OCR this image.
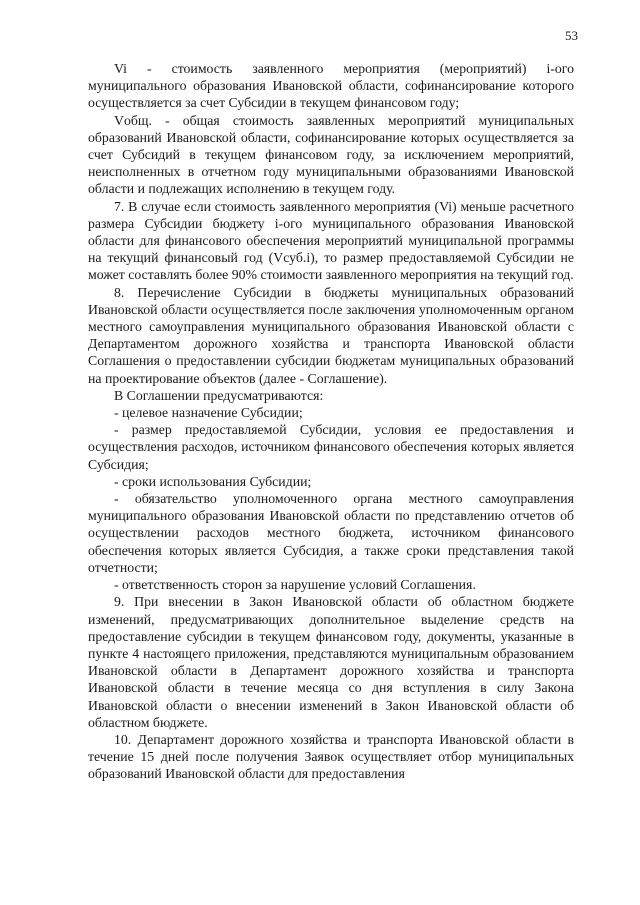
53

Vi - стоимость заявленного мероприятия (мероприятий) i-ого муниципального образования Ивановской области, софинансирование которого осуществляется за счет Субсидии в текущем финансовом году;

Vобщ. - общая стоимость заявленных мероприятий муниципальных образований Ивановской области, софинансирование которых осуществляется за счет Субсидий в текущем финансовом году, за исключением мероприятий, неисполненных в отчетном году муниципальными образованиями Ивановской области и подлежащих исполнению в текущем году.

7. В случае если стоимость заявленного мероприятия (Vi) меньше расчетного размера Субсидии бюджету i-ого муниципального образования Ивановской области для финансового обеспечения мероприятий муниципальной программы на текущий финансовый год (Vсуб.i), то размер предоставляемой Субсидии не может составлять более 90% стоимости заявленного мероприятия на текущий год.

8. Перечисление Субсидии в бюджеты муниципальных образований Ивановской области осуществляется после заключения уполномоченным органом местного самоуправления муниципального образования Ивановской области с Департаментом дорожного хозяйства и транспорта Ивановской области Соглашения о предоставлении субсидии бюджетам муниципальных образований на проектирование объектов (далее - Соглашение).

В Соглашении предусматриваются:

- целевое назначение Субсидии;

- размер предоставляемой Субсидии, условия ее предоставления и осуществления расходов, источником финансового обеспечения которых является Субсидия;

- сроки использования Субсидии;

- обязательство уполномоченного органа местного самоуправления муниципального образования Ивановской области по представлению отчетов об осуществлении расходов местного бюджета, источником финансового обеспечения которых является Субсидия, а также сроки представления такой отчетности;

- ответственность сторон за нарушение условий Соглашения.

9. При внесении в Закон Ивановской области об областном бюджете изменений, предусматривающих дополнительное выделение средств на предоставление субсидии в текущем финансовом году, документы, указанные в пункте 4 настоящего приложения, представляются муниципальным образованием Ивановской области в Департамент дорожного хозяйства и транспорта Ивановской области в течение месяца со дня вступления в силу Закона Ивановской области о внесении изменений в Закон Ивановской области об областном бюджете.

10. Департамент дорожного хозяйства и транспорта Ивановской области в течение 15 дней после получения Заявок осуществляет отбор муниципальных образований Ивановской области для предоставления
